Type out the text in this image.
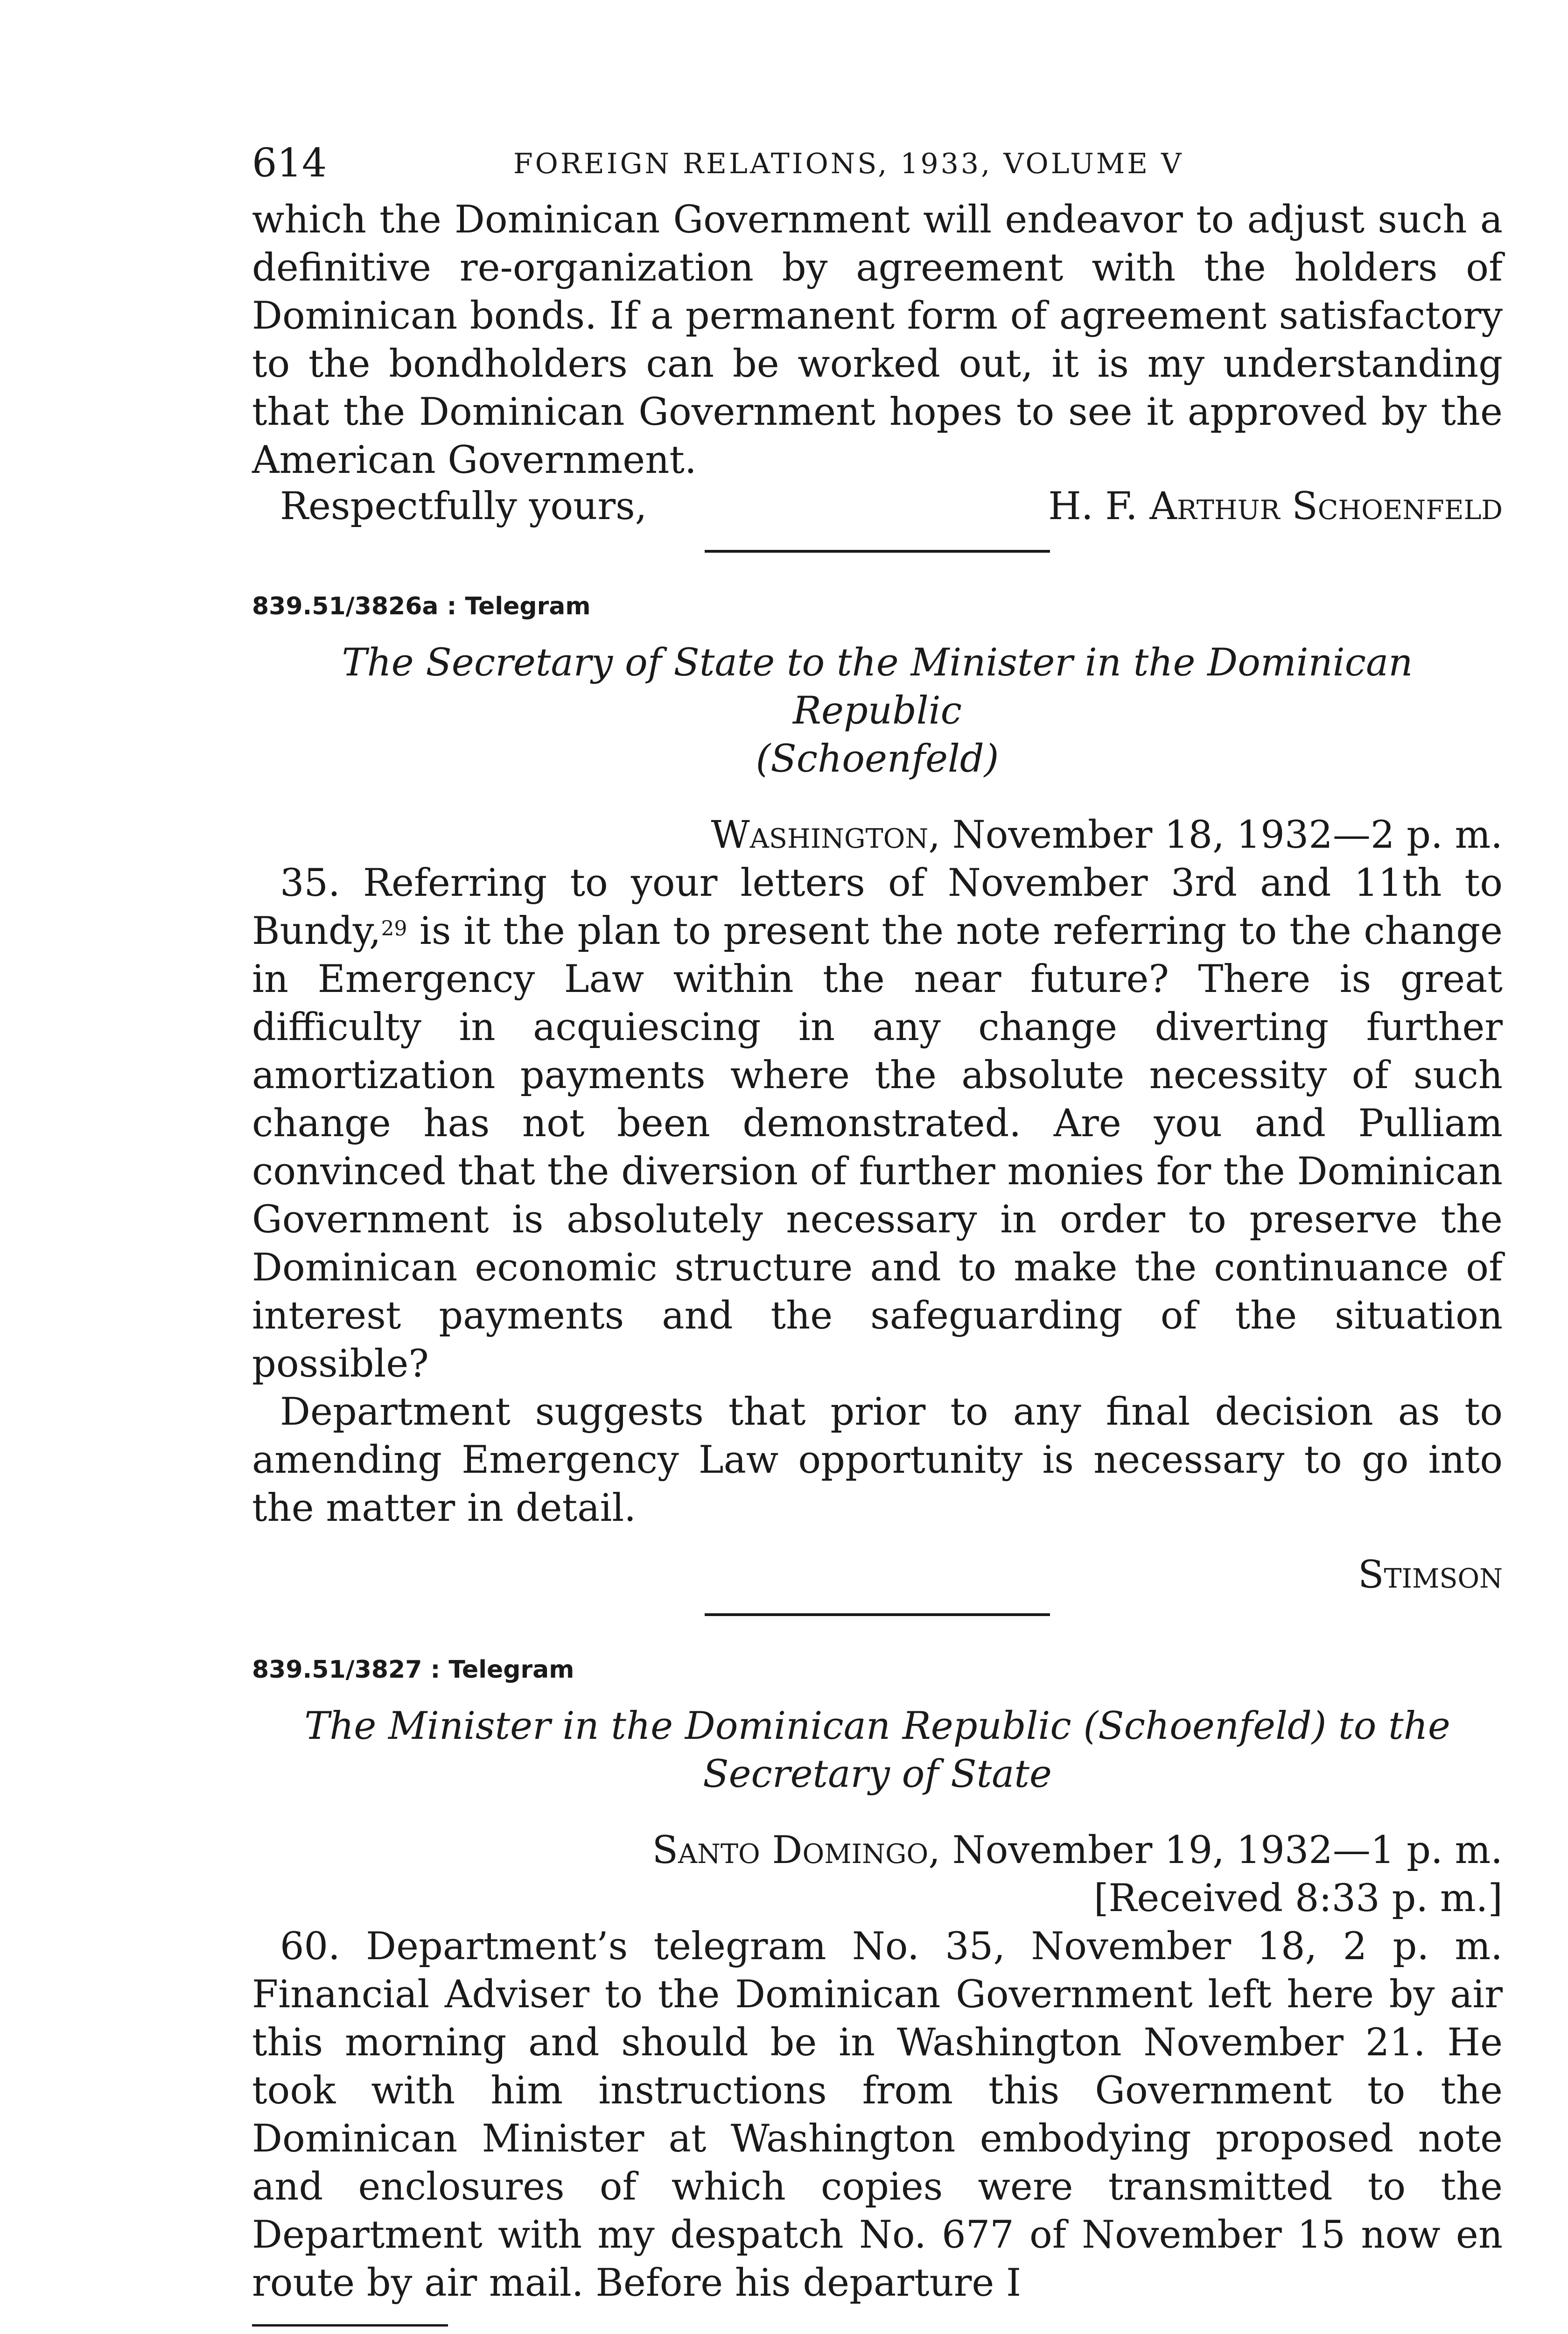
614	FOREIGN RELATIONS, 1933, VOLUME V

which the Dominican Government will endeavor to adjust such a definitive re-organization by agreement with the holders of Dominican bonds. If a permanent form of agreement satisfactory to the bondholders can be worked out, it is my understanding that the Dominican Government hopes to see it approved by the American Government.

Respectfully yours,	H. F. Arthur Schoenfeld
839.51/3826a : Telegram
The Secretary of State to the Minister in the Dominican Republic
(Schoenfeld)
Washington, November 18, 1932—2 p. m.

35. Referring to your letters of November 3rd and 11th to Bundy,$^{29}$ is it the plan to present the note referring to the change in Emergency Law within the near future? There is great difficulty in acquiescing in any change diverting further amortization payments where the absolute necessity of such change has not been demonstrated. Are you and Pulliam convinced that the diversion of further monies for the Dominican Government is absolutely necessary in order to preserve the Dominican economic structure and to make the continuance of interest payments and the safeguarding of the situation possible?

Department suggests that prior to any final decision as to amending Emergency Law opportunity is necessary to go into the matter in detail.

Stimson
839.51/3827 : Telegram
The Minister in the Dominican Republic (Schoenfeld) to the
Secretary of State
Santo Domingo, November 19, 1932—1 p. m.
[Received 8:33 p. m.]

60. Department’s telegram No. 35, November 18, 2 p. m. Financial Adviser to the Dominican Government left here by air this morning and should be in Washington November 21. He took with him instructions from this Government to the Dominican Minister at Washington embodying proposed note and enclosures of which copies were transmitted to the Department with my despatch No. 677 of November 15 now en route by air mail. Before his departure I
